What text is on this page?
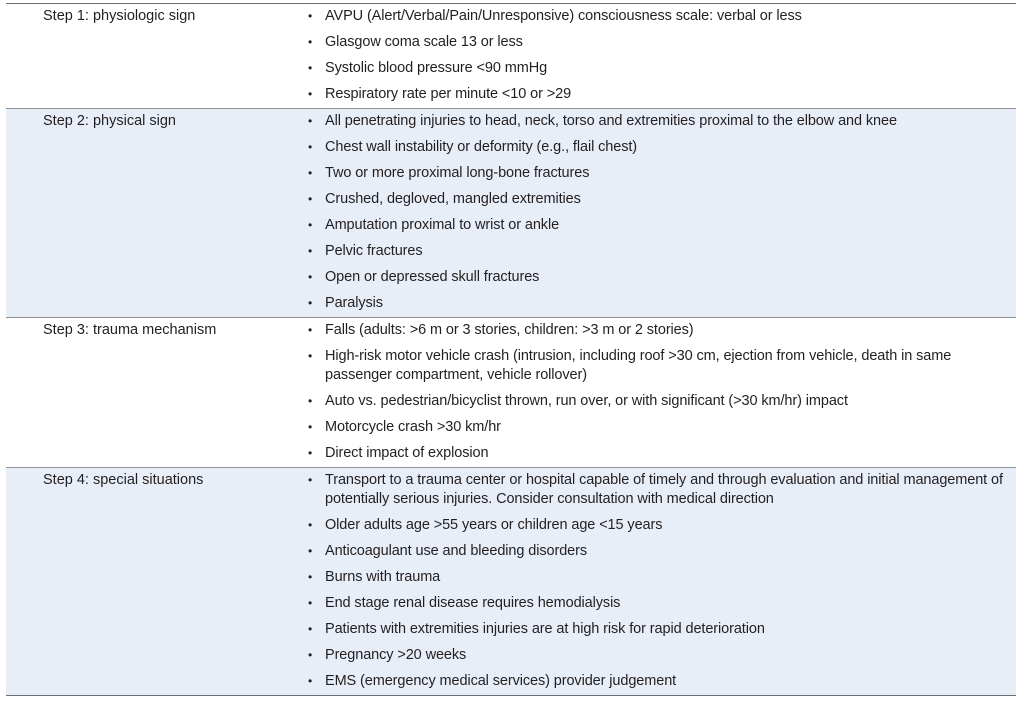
Step 1: physiologic sign	• AVPU (Alert/Verbal/Pain/Unresponsive) consciousness scale: verbal or less
• Glasgow coma scale 13 or less
• Systolic blood pressure <90 mmHg
• Respiratory rate per minute <10 or >29
Step 2: physical sign	• All penetrating injuries to head, neck, torso and extremities proximal to the elbow and knee
• Chest wall instability or deformity (e.g., flail chest)
• Two or more proximal long-bone fractures
• Crushed, degloved, mangled extremities
• Amputation proximal to wrist or ankle
• Pelvic fractures
• Open or depressed skull fractures
• Paralysis
Step 3: trauma mechanism	• Falls (adults: >6 m or 3 stories, children: >3 m or 2 stories)
• High-risk motor vehicle crash (intrusion, including roof >30 cm, ejection from vehicle, death in same passenger compartment, vehicle rollover)
• Auto vs. pedestrian/bicyclist thrown, run over, or with significant (>30 km/hr) impact
• Motorcycle crash >30 km/hr
• Direct impact of explosion
Step 4: special situations	• Transport to a trauma center or hospital capable of timely and through evaluation and initial management of potentially serious injuries. Consider consultation with medical direction
• Older adults age >55 years or children age <15 years
• Anticoagulant use and bleeding disorders
• Burns with trauma
• End stage renal disease requires hemodialysis
• Patients with extremities injuries are at high risk for rapid deterioration
• Pregnancy >20 weeks
• EMS (emergency medical services) provider judgement
